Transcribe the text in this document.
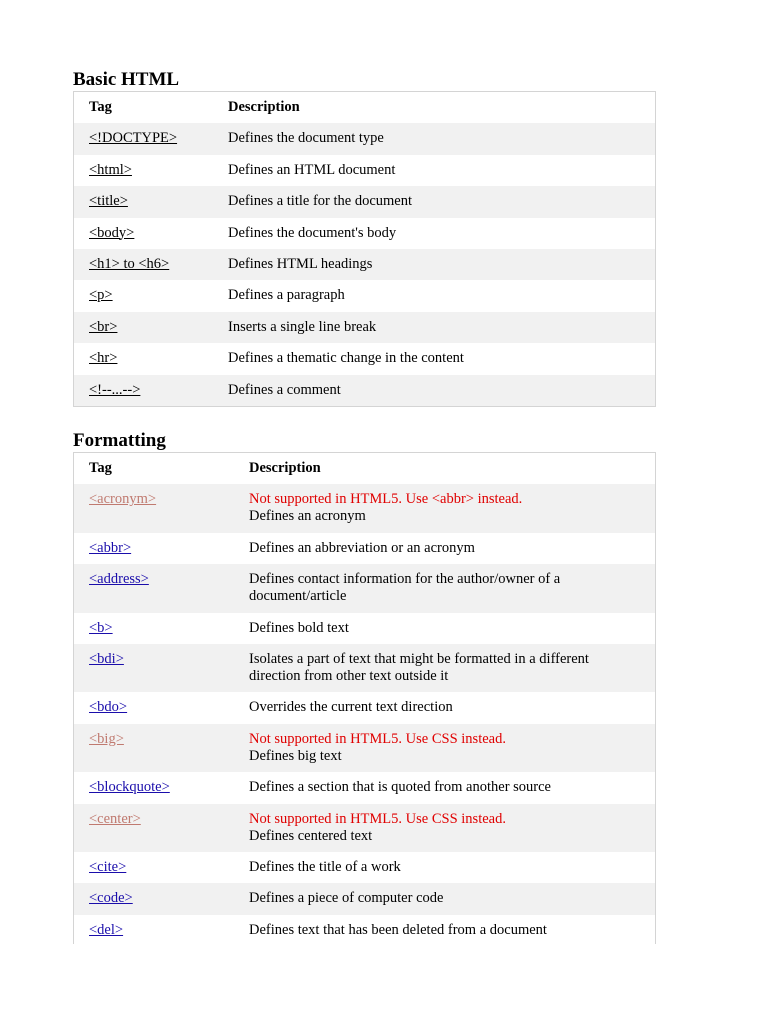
Basic HTML
Tag	Description
<!DOCTYPE>	Defines the document type
<html>	Defines an HTML document
<title>	Defines a title for the document
<body>	Defines the document's body
<h1> to <h6>	Defines HTML headings
<p>	Defines a paragraph
<br>	Inserts a single line break
<hr>	Defines a thematic change in the content
<!--...-->	Defines a comment
Formatting
Tag	Description
<acronym>	Not supported in HTML5. Use <abbr> instead.
Defines an acronym
<abbr>	Defines an abbreviation or an acronym
<address>	Defines contact information for the author/owner of a document/article
<b>	Defines bold text
<bdi>	Isolates a part of text that might be formatted in a different direction from other text outside it
<bdo>	Overrides the current text direction
<big>	Not supported in HTML5. Use CSS instead.
Defines big text
<blockquote>	Defines a section that is quoted from another source
<center>	Not supported in HTML5. Use CSS instead.
Defines centered text
<cite>	Defines the title of a work
<code>	Defines a piece of computer code
<del>	Defines text that has been deleted from a document
